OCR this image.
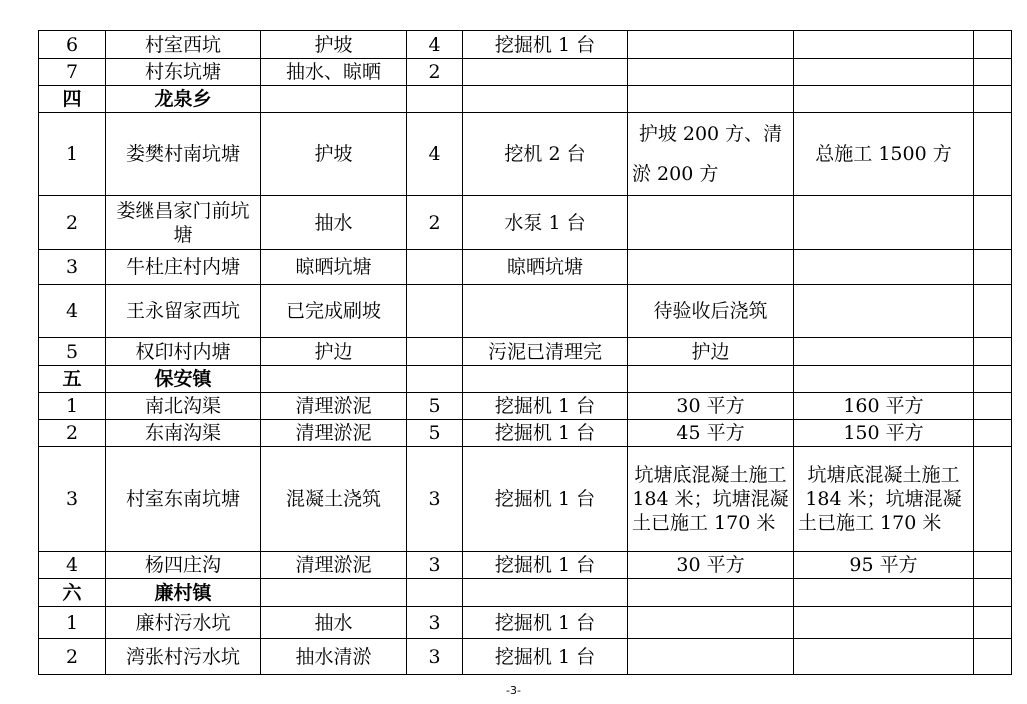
6	村室西坑	护坡	4	挖掘机 1 台			
7	村东坑塘	抽水、晾晒	2				
四	龙泉乡						
1	娄樊村南坑塘	护坡	4	挖机 2 台	护坡 200 方、清淤 200 方	总施工 1500 方	
2	娄继昌家门前坑塘	抽水	2	水泵 1 台			
3	牛杜庄村内塘	晾晒坑塘		晾晒坑塘			
4	王永留家西坑	已完成刷坡			待验收后浇筑		
5	权印村内塘	护边		污泥已清理完	护边		
五	保安镇						
1	南北沟渠	清理淤泥	5	挖掘机 1 台	30 平方	160 平方	
2	东南沟渠	清理淤泥	5	挖掘机 1 台	45 平方	150 平方	
3	村室东南坑塘	混凝土浇筑	3	挖掘机 1 台	坑塘底混凝土施工 184 米；坑塘混凝土已施工 170 米	坑塘底混凝土施工 184 米；坑塘混凝土已施工 170 米	
4	杨四庄沟	清理淤泥	3	挖掘机 1 台	30 平方	95 平方	
六	廉村镇						
1	廉村污水坑	抽水	3	挖掘机 1 台			
2	湾张村污水坑	抽水清淤	3	挖掘机 1 台			
-3-
